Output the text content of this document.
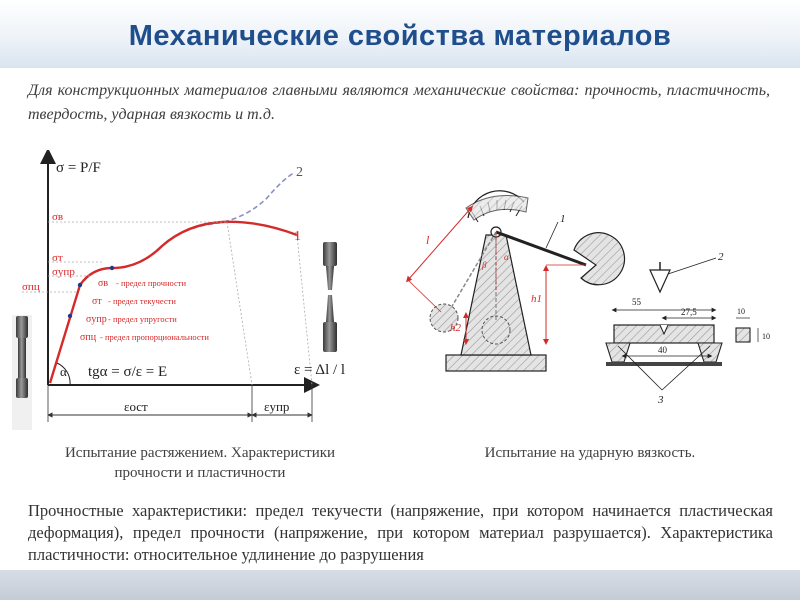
Механические свойства материалов
Для конструкционных материалов главными являются механические свойства: прочность, пластичность, твердость, ударная вязкость и т.д.
α
σ = P/F
ε = Δl / l
tgα = σ/ε = E
2
1
σв
σт
σупр
σпц	σв - предел прочности
σт - предел текучести
σупр - предел упругости
σпц - предел пропорциональности
εост	εупр
1
l
h1
h2
α
β
2
55
27,5
40
10
10
3
Испытание растяжением. Характеристики прочности и пластичности
Испытание на ударную вязкость.
Прочностные характеристики: предел текучести (напряжение, при котором начинается пластическая деформация), предел прочности (напряжение, при котором материал разрушается). Характеристика пластичности: относительное удлинение до разрушения
